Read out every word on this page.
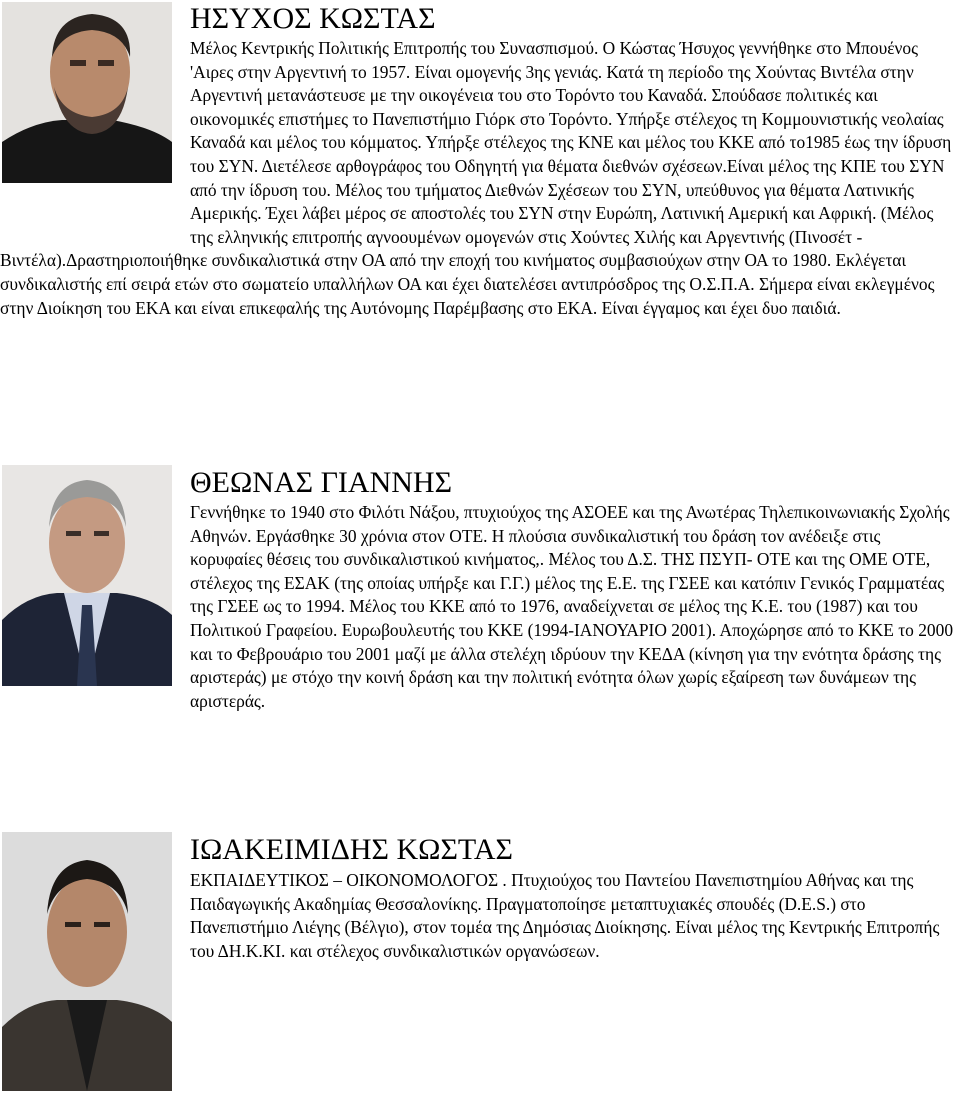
ΗΣΥΧΟΣ ΚΩΣΤΑΣ

Μέλος Κεντρικής Πολιτικής Επιτροπής του Συνασπισμού. Ο Κώστας Ήσυχος γεννήθηκε στο Μπουένος 'Αιρες στην Αργεντινή το 1957. Είναι ομογενής 3ης γενιάς. Κατά τη περίοδο της Χούντας Βιντέλα στην Αργεντινή μετανάστευσε με την οικογένεια του στο Τορόντο του Καναδά. Σπούδασε πολιτικές και οικονομικές επιστήμες το Πανεπιστήμιο Γιόρκ στο Τορόντο. Υπήρξε στέλεχος τη Κομμουνιστικής νεολαίας Καναδά και μέλος του κόμματος. Υπήρξε στέλεχος της ΚΝΕ και μέλος του ΚΚΕ από το1985 έως την ίδρυση του ΣΥΝ. Διετέλεσε αρθογράφος του Οδηγητή για θέματα διεθνών σχέσεων.Είναι μέλος της ΚΠΕ του ΣΥΝ από την ίδρυση του. Μέλος του τμήματος Διεθνών Σχέσεων του ΣΥΝ, υπεύθυνος για θέματα Λατινικής Αμερικής. Έχει λάβει μέρος σε αποστολές του ΣΥΝ στην Ευρώπη, Λατινική Αμερική και Αφρική. (Μέλος της ελληνικής επιτροπής αγνοουμένων ομογενών στις Χούντες Χιλής και Αργεντινής (Πινοσέτ - Βιντέλα).Δραστηριοποιήθηκε συνδικαλιστικά στην ΟΑ από την εποχή του κινήματος συμβασιούχων στην ΟΑ το 1980. Εκλέγεται συνδικαλιστής επί σειρά ετών στο σωματείο υπαλλήλων ΟΑ και έχει διατελέσει αντιπρόσδρος της Ο.Σ.Π.Α. Σήμερα είναι εκλεγμένος στην Διοίκηση του ΕΚΑ και είναι επικεφαλής της Αυτόνομης Παρέμβασης στο ΕΚΑ. Είναι έγγαμος και έχει δυο παιδιά.

ΘΕΩΝΑΣ ΓΙΑΝΝΗΣ

Γεννήθηκε το 1940 στο Φιλότι Νάξου, πτυχιούχος της ΑΣΟΕΕ και της Ανωτέρας Τηλεπικοινωνιακής Σχολής Αθηνών. Εργάσθηκε 30 χρόνια στον ΟΤΕ. Η πλούσια συνδικαλιστική του δράση τον ανέδειξε στις κορυφαίες θέσεις του συνδικαλιστικού κινήματος,. Μέλος του Δ.Σ. ΤΗΣ ΠΣΥΠ- ΟΤΕ και της ΟΜΕ ΟΤΕ, στέλεχος της ΕΣΑΚ (της οποίας υπήρξε και Γ.Γ.) μέλος της Ε.Ε. της ΓΣΕΕ και κατόπιν Γενικός Γραμματέας της ΓΣΕΕ ως το 1994. Μέλος του ΚΚΕ από το 1976, αναδείχνεται σε μέλος της Κ.Ε. του (1987) και του Πολιτικού Γραφείου. Ευρωβουλευτής του ΚΚΕ (1994-ΙΑΝΟΥΑΡΙΟ 2001). Αποχώρησε από το ΚΚΕ το 2000 και το Φεβρουάριο του 2001 μαζί με άλλα στελέχη ιδρύουν την ΚΕΔΑ (κίνηση για την ενότητα δράσης της αριστεράς) με στόχο την κοινή δράση και την πολιτική ενότητα όλων χωρίς εξαίρεση των δυνάμεων της αριστεράς.

ΙΩΑΚΕΙΜΙΔΗΣ ΚΩΣΤΑΣ

ΕΚΠΑΙΔΕΥΤΙΚΟΣ – ΟΙΚΟΝΟΜΟΛΟΓΟΣ . Πτυχιούχος του Παντείου Πανεπιστημίου Αθήνας και της Παιδαγωγικής Ακαδημίας Θεσσαλονίκης. Πραγματοποίησε μεταπτυχιακές σπουδές (D.E.S.) στο Πανεπιστήμιο Λιέγης (Βέλγιο), στον τομέα της Δημόσιας Διοίκησης. Είναι μέλος της Κεντρικής Επιτροπής του ΔΗ.Κ.ΚΙ. και στέλεχος συνδικαλιστικών οργανώσεων.
